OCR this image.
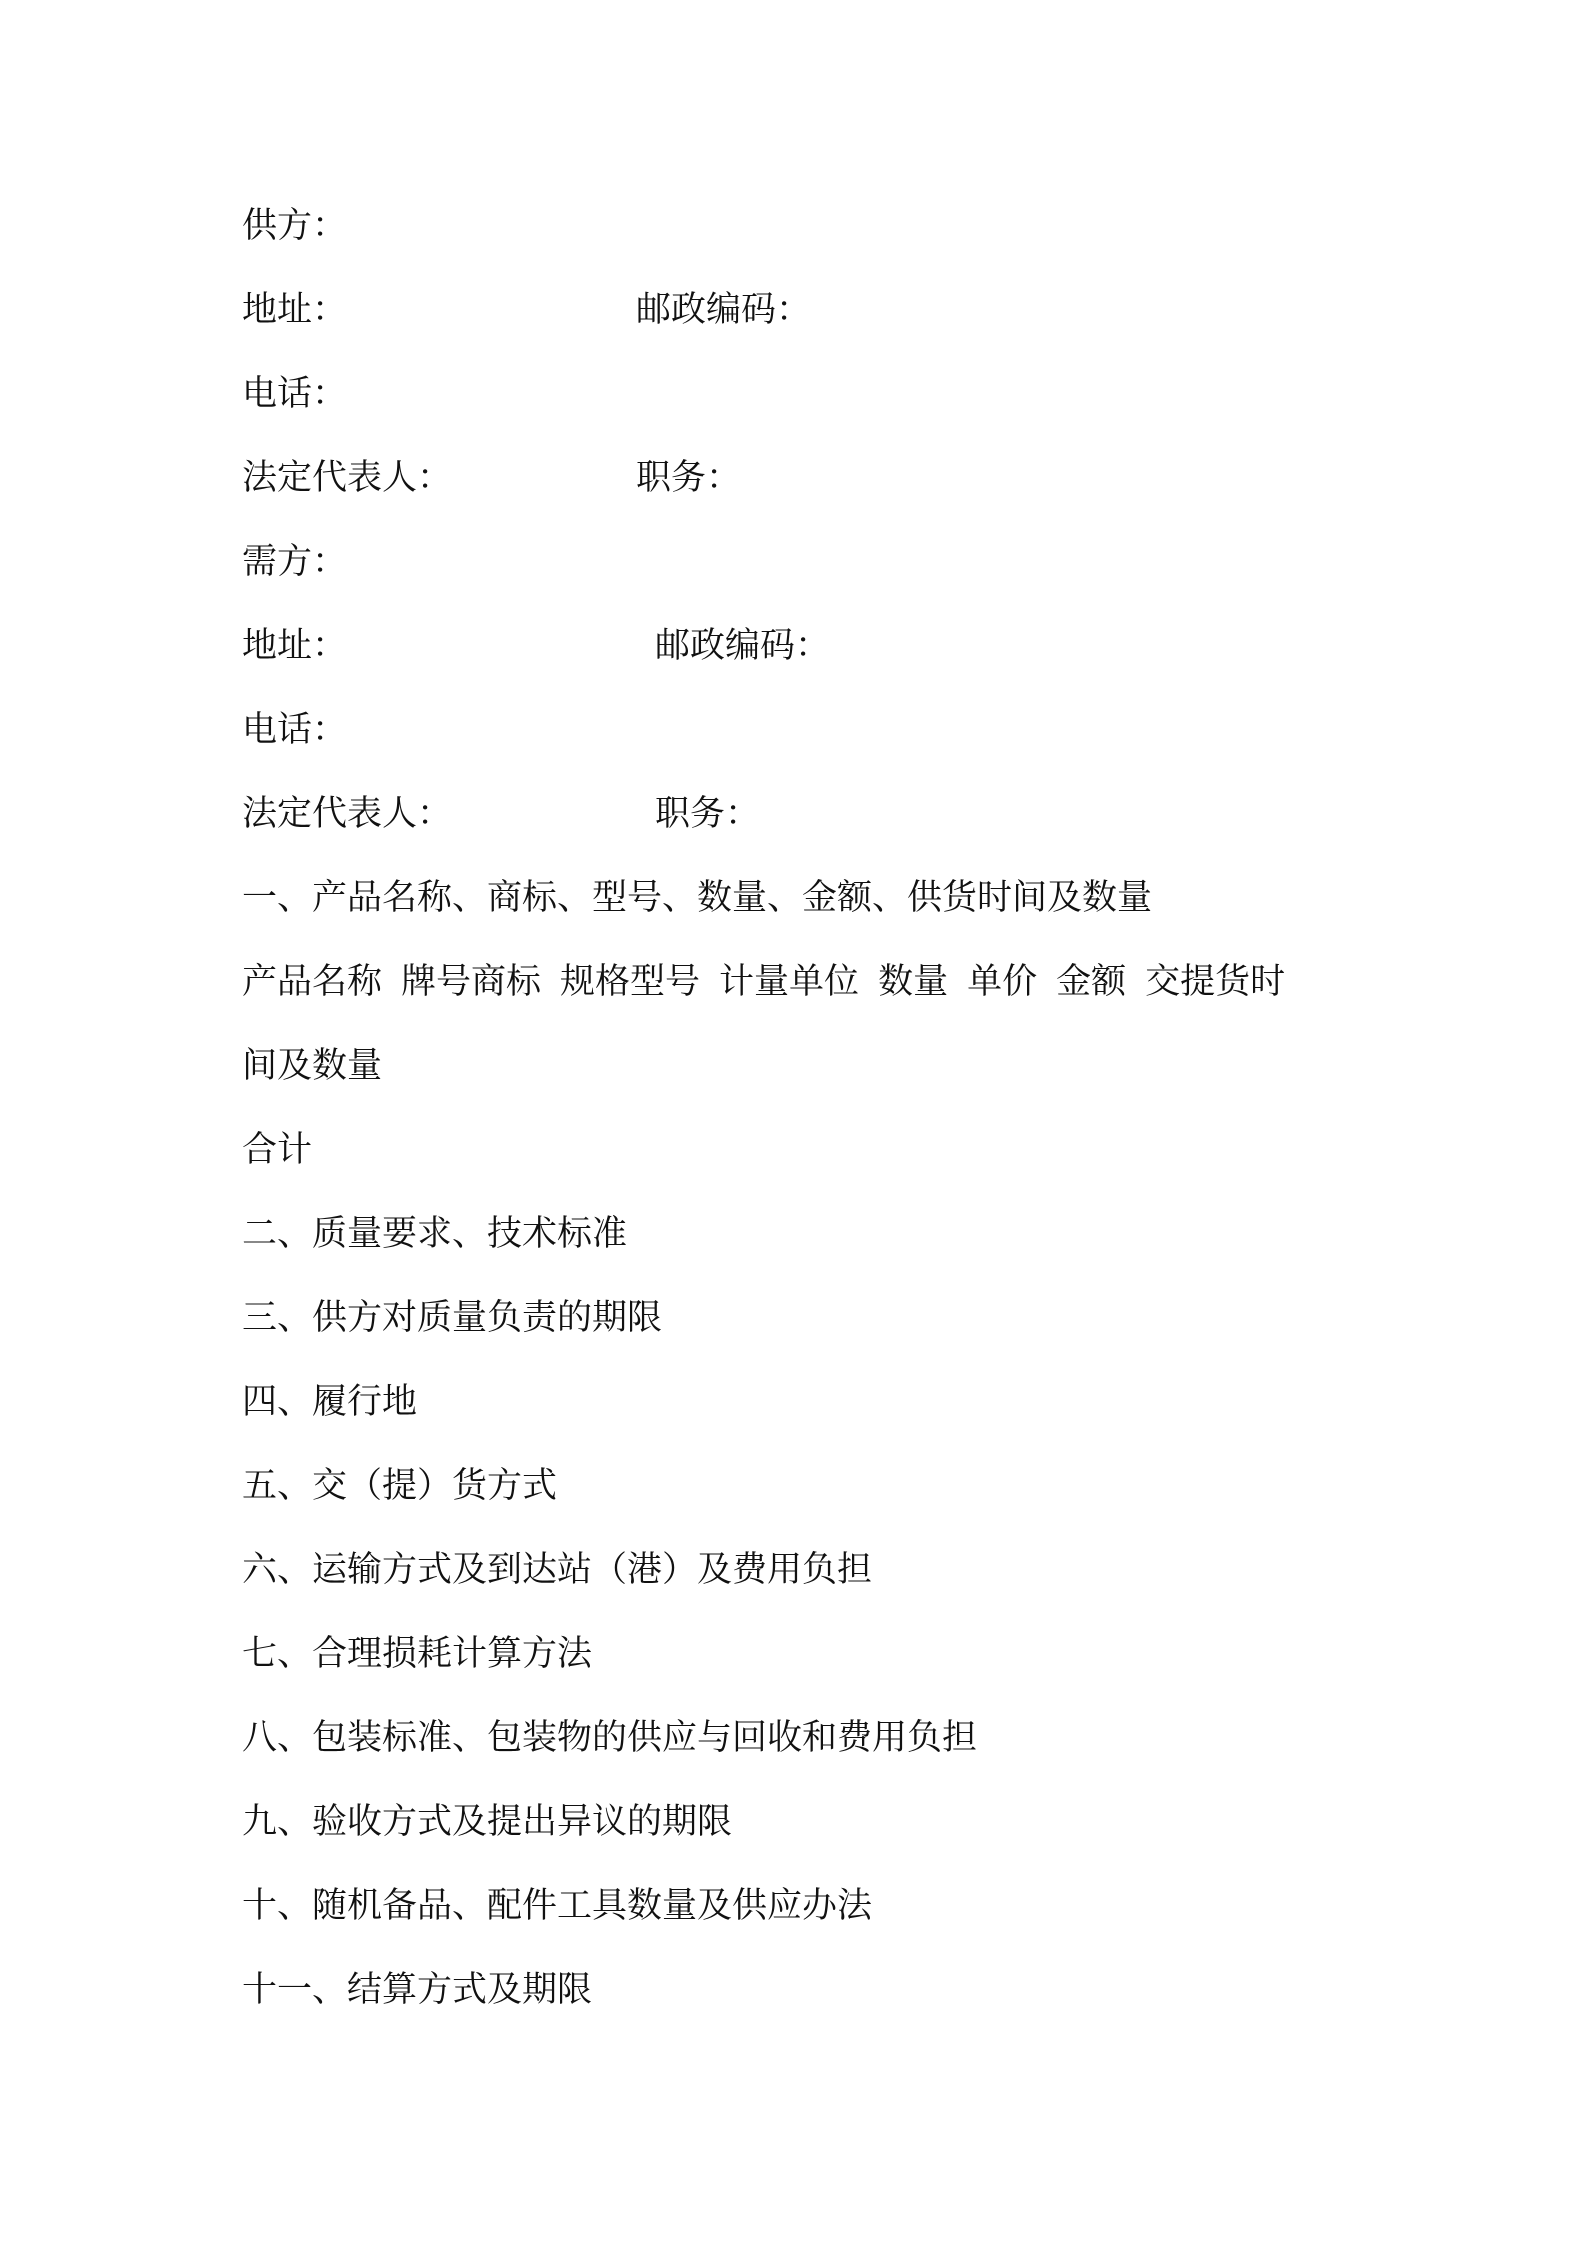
供方：
地址：	邮政编码：
电话：
法定代表人：	职务：
需方：
地址：	邮政编码：
电话：
法定代表人：	职务：
一、产品名称、商标、型号、数量、金额、供货时间及数量
产品名称 牌号商标 规格型号 计量单位 数量 单价 金额 交提货时
间及数量
合计
二、质量要求、技术标准
三、供方对质量负责的期限
四、履行地
五、交（提）货方式
六、运输方式及到达站（港）及费用负担
七、合理损耗计算方法
八、包装标准、包装物的供应与回收和费用负担
九、验收方式及提出异议的期限
十、随机备品、配件工具数量及供应办法
十一、结算方式及期限
